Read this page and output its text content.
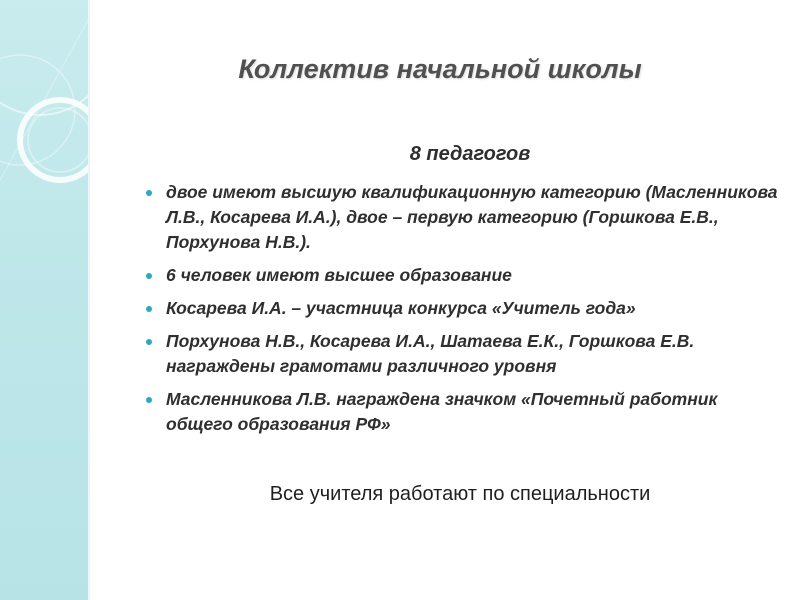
Коллектив начальной школы
8 педагогов
двое имеют высшую квалификационную категорию (Масленникова Л.В., Косарева И.А.), двое – первую категорию (Горшкова Е.В., Порхунова Н.В.).
6 человек имеют высшее образование
Косарева И.А. – участница конкурса «Учитель года»
Порхунова Н.В., Косарева И.А., Шатаева Е.К., Горшкова Е.В. награждены грамотами различного уровня
Масленникова Л.В. награждена значком «Почетный работник общего образования РФ»
Все учителя работают по специальности
